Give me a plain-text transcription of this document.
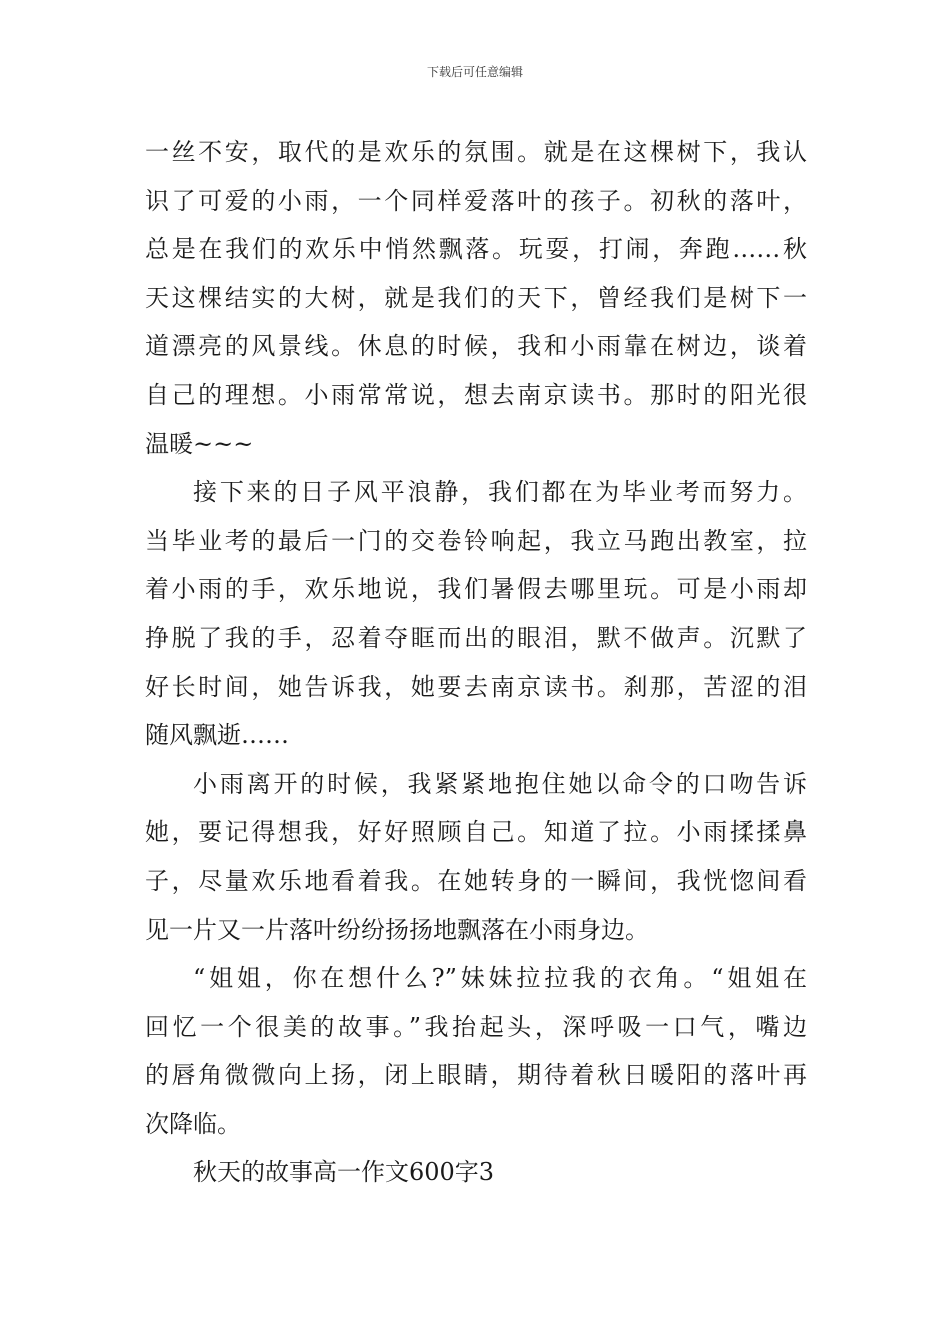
下载后可任意编辑

一丝不安，取代的是欢乐的氛围。就是在这棵树下，我认
识了可爱的小雨，一个同样爱落叶的孩子。初秋的落叶，
总是在我们的欢乐中悄然飘落。玩耍，打闹，奔跑……秋
天这棵结实的大树，就是我们的天下，曾经我们是树下一
道漂亮的风景线。休息的时候，我和小雨靠在树边，谈着
自己的理想。小雨常常说，想去南京读书。那时的阳光很
温暖~~~

接下来的日子风平浪静，我们都在为毕业考而努力。
当毕业考的最后一门的交卷铃响起，我立马跑出教室，拉
着小雨的手，欢乐地说，我们暑假去哪里玩。可是小雨却
挣脱了我的手，忍着夺眶而出的眼泪，默不做声。沉默了
好长时间，她告诉我，她要去南京读书。刹那，苦涩的泪
随风飘逝……

小雨离开的时候，我紧紧地抱住她以命令的口吻告诉
她，要记得想我，好好照顾自己。知道了拉。小雨揉揉鼻
子，尽量欢乐地看着我。在她转身的一瞬间，我恍惚间看
见一片又一片落叶纷纷扬扬地飘落在小雨身边。

“姐姐，你在想什么?”妹妹拉拉我的衣角。“姐姐在
回忆一个很美的故事。”我抬起头，深呼吸一口气，嘴边
的唇角微微向上扬，闭上眼睛，期待着秋日暖阳的落叶再
次降临。

秋天的故事高一作文600字3
